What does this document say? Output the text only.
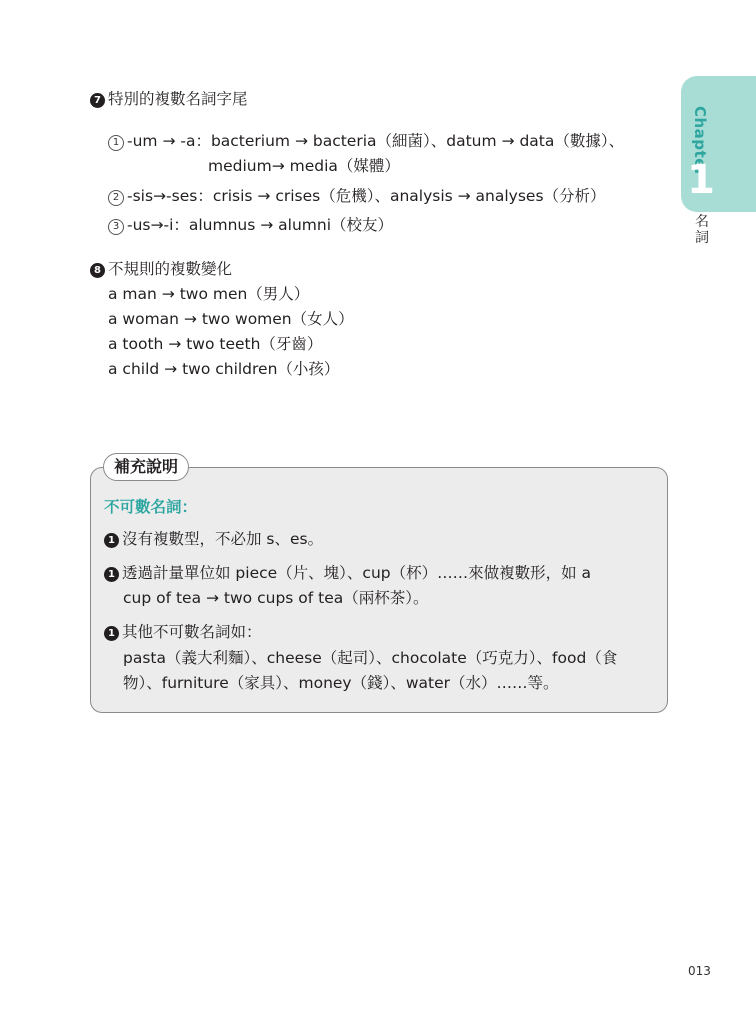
Chapter
1
名詞
7 特別的複數名詞字尾
1 -um → -a：bacterium → bacteria（細菌）、datum → data（數據）、
medium→ media（媒體）
2 -sis→-ses：crisis → crises（危機）、analysis → analyses（分析）
3 -us→-i：alumnus → alumni（校友）
8 不規則的複數變化
a man → two men（男人）
a woman → two women（女人）
a tooth → two teeth（牙齒）
a child → two children（小孩）
補充說明
不可數名詞：
1 沒有複數型，不必加 s、es。
1 透過計量單位如 piece（片、塊）、cup（杯）……來做複數形，如 a
cup of tea → two cups of tea（兩杯茶）。
1 其他不可數名詞如：
pasta（義大利麵）、cheese（起司）、chocolate（巧克力）、food（食
物）、furniture（家具）、money（錢）、water（水）……等。
013
